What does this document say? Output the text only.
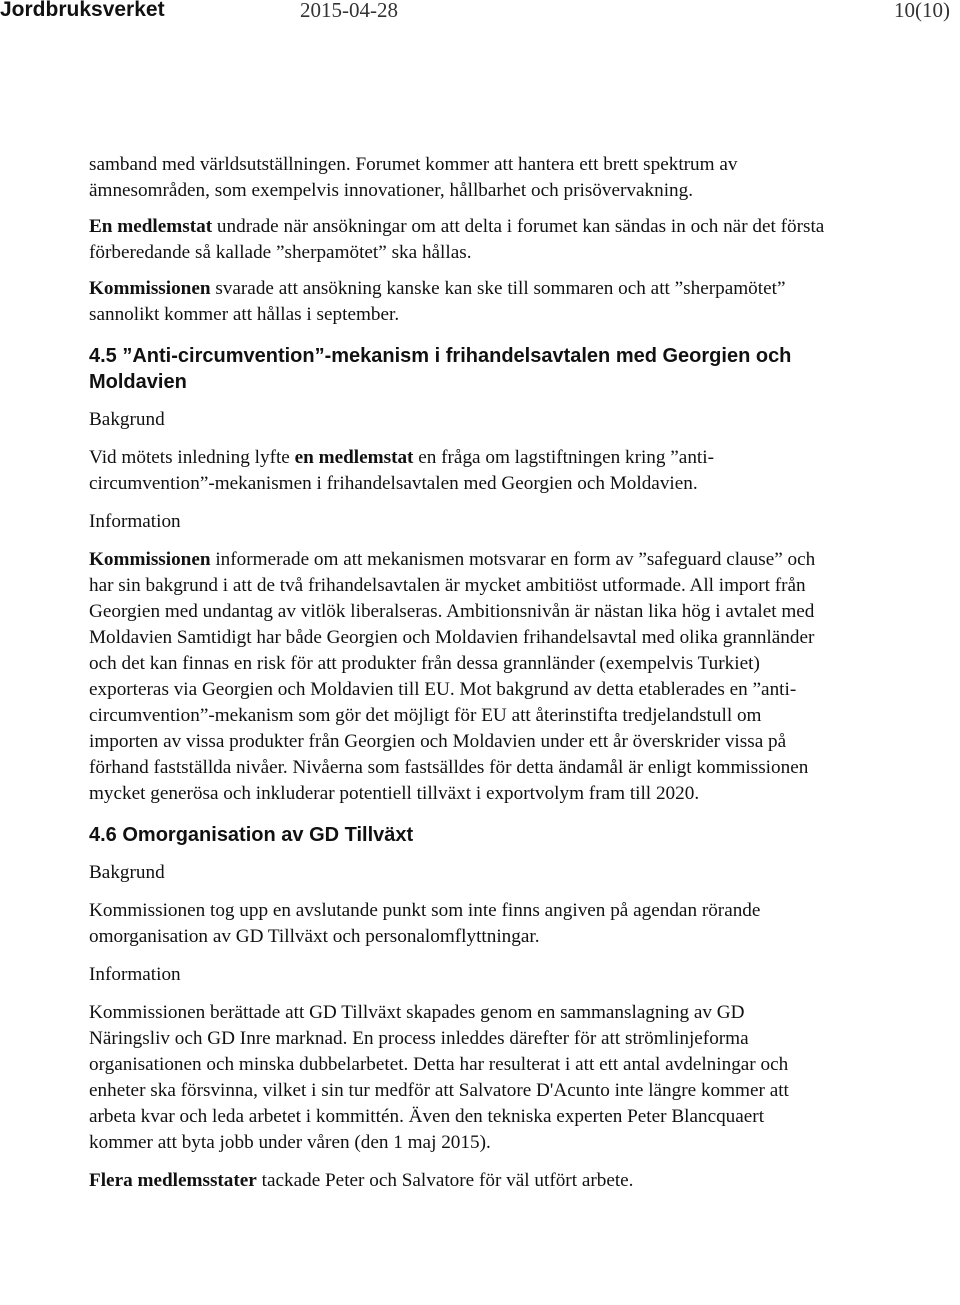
Jordbruksverket	2015-04-28	10(10)

samband med världsutställningen. Forumet kommer att hantera ett brett spektrum av ämnesområden, som exempelvis innovationer, hållbarhet och prisövervakning.

En medlemstat undrade när ansökningar om att delta i forumet kan sändas in och när det första förberedande så kallade ”sherpamötet” ska hållas.

Kommissionen svarade att ansökning kanske kan ske till sommaren och att ”sherpamötet” sannolikt kommer att hållas i september.

4.5 ”Anti-circumvention”-mekanism i frihandelsavtalen med Georgien och Moldavien

Bakgrund

Vid mötets inledning lyfte en medlemstat en fråga om lagstiftningen kring ”anti-circumvention”-mekanismen i frihandelsavtalen med Georgien och Moldavien.

Information

Kommissionen informerade om att mekanismen motsvarar en form av ”safeguard clause” och har sin bakgrund i att de två frihandelsavtalen är mycket ambitiöst utformade. All import från Georgien med undantag av vitlök liberalseras. Ambitionsnivån är nästan lika hög i avtalet med Moldavien Samtidigt har både Georgien och Moldavien frihandelsavtal med olika grannländer och det kan finnas en risk för att produkter från dessa grannländer (exempelvis Turkiet) exporteras via Georgien och Moldavien till EU. Mot bakgrund av detta etablerades en ”anti-circumvention”-mekanism som gör det möjligt för EU att återinstifta tredjelandstull om importen av vissa produkter från Georgien och Moldavien under ett år överskrider vissa på förhand fastställda nivåer. Nivåerna som fastsälldes för detta ändamål är enligt kommissionen mycket generösa och inkluderar potentiell tillväxt i exportvolym fram till 2020.

4.6 Omorganisation av GD Tillväxt

Bakgrund

Kommissionen tog upp en avslutande punkt som inte finns angiven på agendan rörande omorganisation av GD Tillväxt och personalomflyttningar.

Information

Kommissionen berättade att GD Tillväxt skapades genom en sammanslagning av GD Näringsliv och GD Inre marknad. En process inleddes därefter för att strömlinjeforma organisationen och minska dubbelarbetet. Detta har resulterat i att ett antal avdelningar och enheter ska försvinna, vilket i sin tur medför att Salvatore D'Acunto inte längre kommer att arbeta kvar och leda arbetet i kommittén. Även den tekniska experten Peter Blancquaert kommer att byta jobb under våren (den 1 maj 2015).

Flera medlemsstater tackade Peter och Salvatore för väl utfört arbete.
